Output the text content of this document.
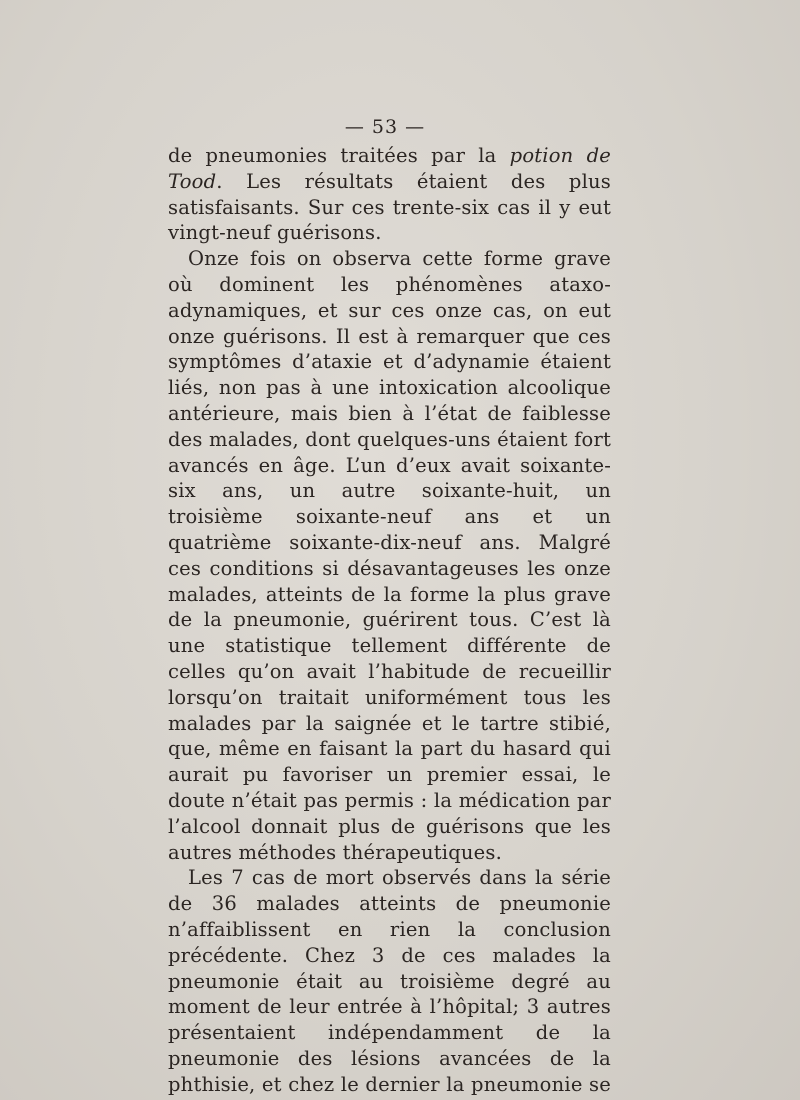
— 53 —

de pneumonies traitées par la potion de Tood. Les résultats étaient des plus satisfaisants. Sur ces trente-six cas il y eut vingt-neuf guérisons.

Onze fois on observa cette forme grave où dominent les phénomènes ataxo-adynamiques, et sur ces onze cas, on eut onze guérisons. Il est à remarquer que ces symptômes d’ataxie et d’adynamie étaient liés, non pas à une intoxication alcoolique antérieure, mais bien à l’état de faiblesse des malades, dont quelques-uns étaient fort avancés en âge. L’un d’eux avait soixante-six ans, un autre soixante-huit, un troisième soixante-neuf ans et un quatrième soixante-dix-neuf ans. Malgré ces conditions si désavantageuses les onze malades, atteints de la forme la plus grave de la pneumonie, guérirent tous. C’est là une statistique tellement différente de celles qu’on avait l’habitude de recueillir lorsqu’on traitait uniformément tous les malades par la saignée et le tartre stibié, que, même en faisant la part du hasard qui aurait pu favoriser un premier essai, le doute n’était pas permis : la médication par l’alcool donnait plus de guérisons que les autres méthodes thérapeutiques.

Les 7 cas de mort observés dans la série de 36 malades atteints de pneumonie n’affaiblissent en rien la conclusion précédente. Chez 3 de ces malades la pneumonie était au troisième degré au moment de leur entrée à l’hôpital; 3 autres présentaient indépendamment de la pneumonie des lésions avancées de la phthisie, et chez le dernier la pneumonie se
